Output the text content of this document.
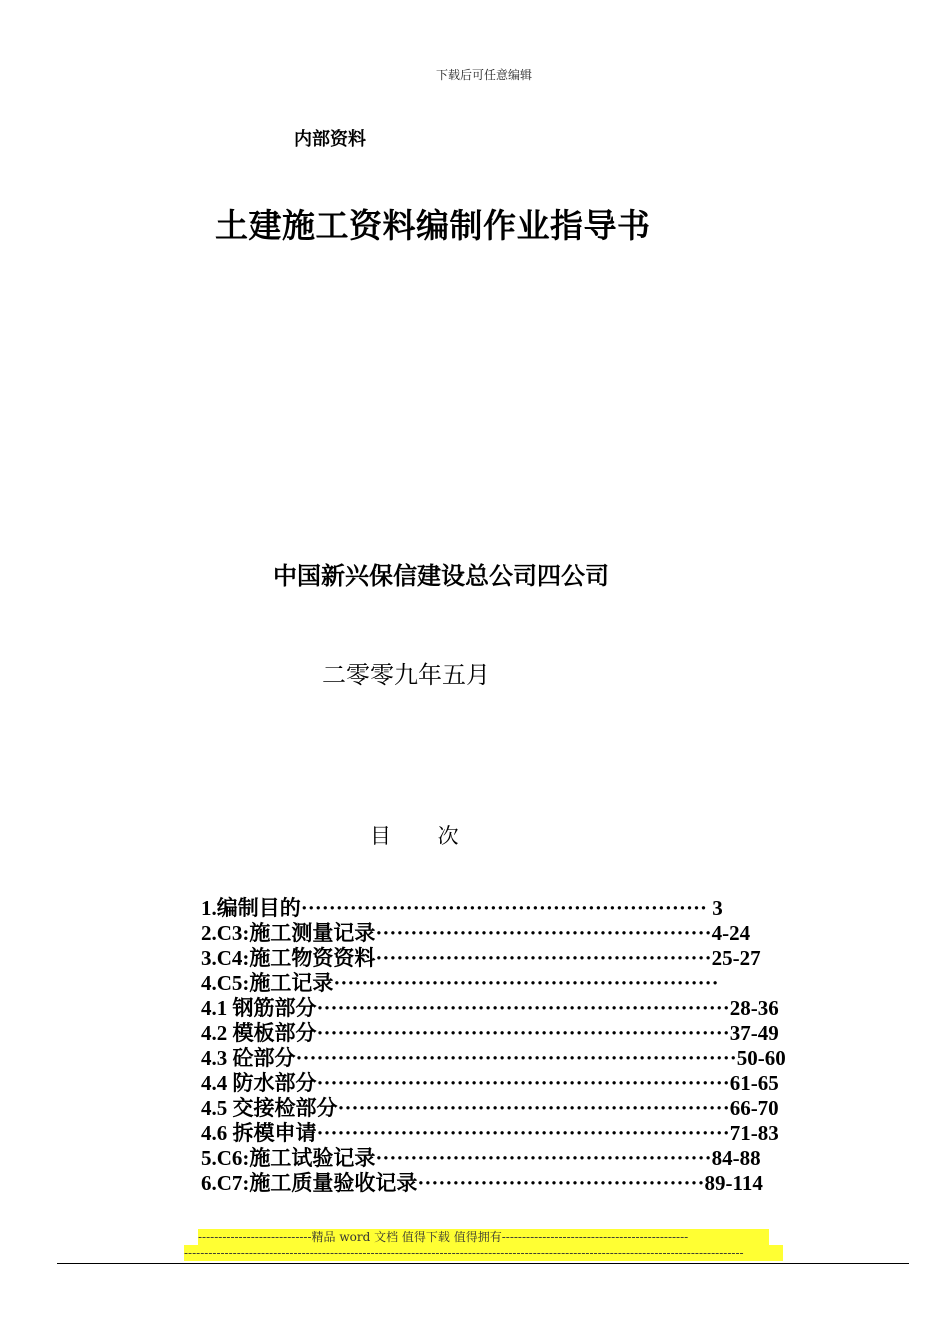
下载后可任意编辑
内部资料
土建施工资料编制作业指导书
中国新兴保信建设总公司四公司
二零零九年五月
目 次
1.编制目的·························································· 3
2.C3:施工测量记录················································4-24
3.C4:施工物资资料················································25-27
4.C5:施工记录·······················································
4.1 钢筋部分···························································28-36
4.2 模板部分···························································37-49
4.3 砼部分·······························································50-60
4.4 防水部分···························································61-65
4.5 交接检部分························································66-70
4.6 拆模申请···························································71-83
5.C6:施工试验记录················································84-88
6.C7:施工质量验收记录·········································89-114
----------------------------精品 word 文档 值得下载 值得拥有----------------------------------------------
------------------------------------------------------------------------------------------------------------------------------------------
